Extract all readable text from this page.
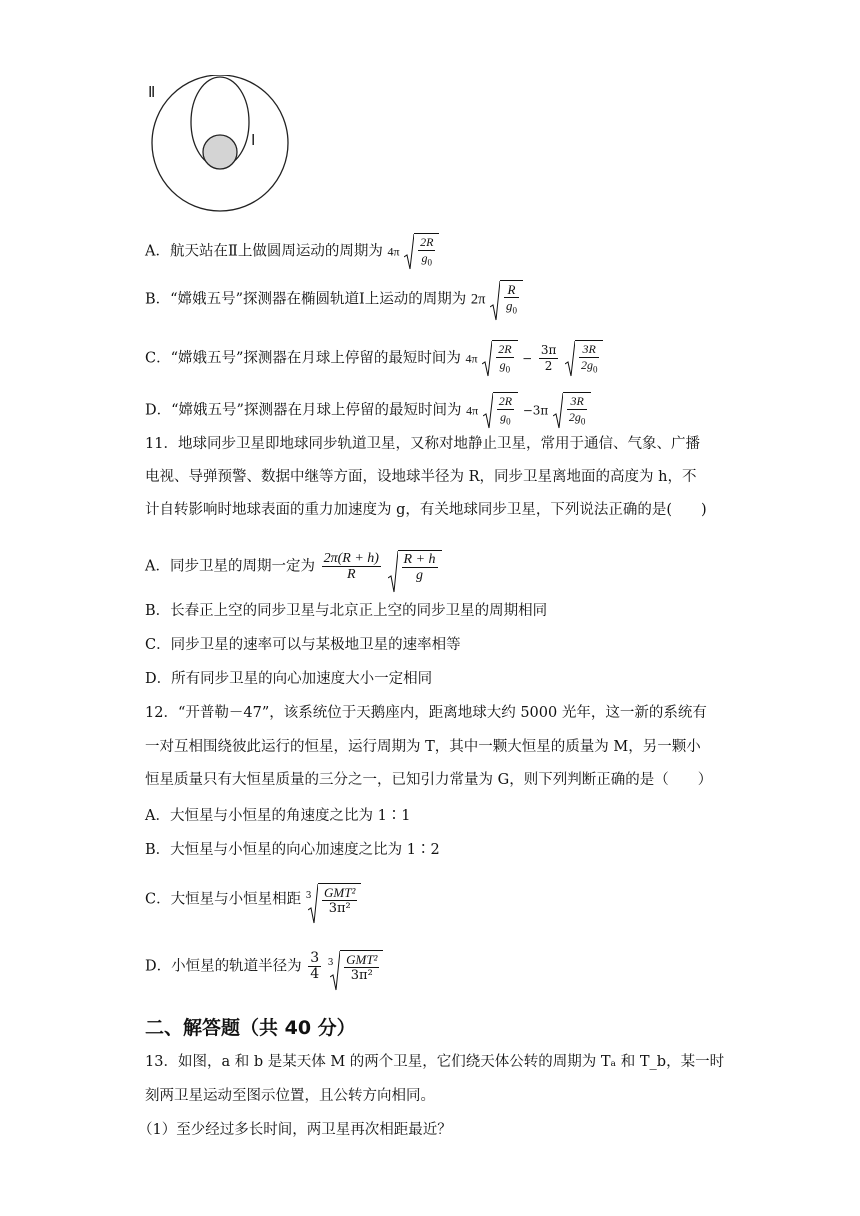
Ⅱ
Ⅰ
A．航天站在Ⅱ上做圆周运动的周期为 $4\pi \frac{2R}{g_0}$
B．“嫦娥五号”探测器在椭圆轨道Ⅰ上运动的周期为 $2\pi \frac{R}{g_0}$
C．“嫦娥五号”探测器在月球上停留的最短时间为 $4\pi \frac{2R}{g_0} - \frac{3\pi}{2}$
$\frac{3R}{2g_0}$
D．“嫦娥五号”探测器在月球上停留的最短时间为 $4\pi \frac{2R}{g_0} -3\pi \frac{3R}{2g_0}$
11．地球同步卫星即地球同步轨道卫星，又称对地静止卫星，常用于通信、气象、广播
电视、导弹预警、数据中继等方面，设地球半径为 R，同步卫星离地面的高度为 h，不
计自转影响时地球表面的重力加速度为 g，有关地球同步卫星，下列说法正确的是(　　)
A．同步卫星的周期一定为 $\frac{2\pi(R + h)}{R}$
$\frac{R + h}{g}$
B．长春正上空的同步卫星与北京正上空的同步卫星的周期相同
C．同步卫星的速率可以与某极地卫星的速率相等
D．所有同步卫星的向心加速度大小一定相同
12．“开普勒－47”，该系统位于天鹅座内，距离地球大约 5000 光年，这一新的系统有
一对互相围绕彼此运行的恒星，运行周期为 T，其中一颗大恒星的质量为 M，另一颗小
恒星质量只有大恒星质量的三分之一，已知引力常量为 G，则下列判断正确的是（　　）
A．大恒星与小恒星的角速度之比为 1∶1
B．大恒星与小恒星的向心加速度之比为 1∶2
C．大恒星与小恒星相距 $^3 \frac{\text{GMT²}}{\text{3π²}}$
D．小恒星的轨道半径为 $\frac{3}{4} ^3 \frac{\text{GMT²}}{\text{3π²}}$
二、解答题（共 40 分）
13．如图，a 和 b 是某天体 M 的两个卫星，它们绕天体公转的周期为 Tₐ 和 T_b，某一时
刻两卫星运动至图示位置，且公转方向相同。
（1）至少经过多长时间，两卫星再次相距最近？
